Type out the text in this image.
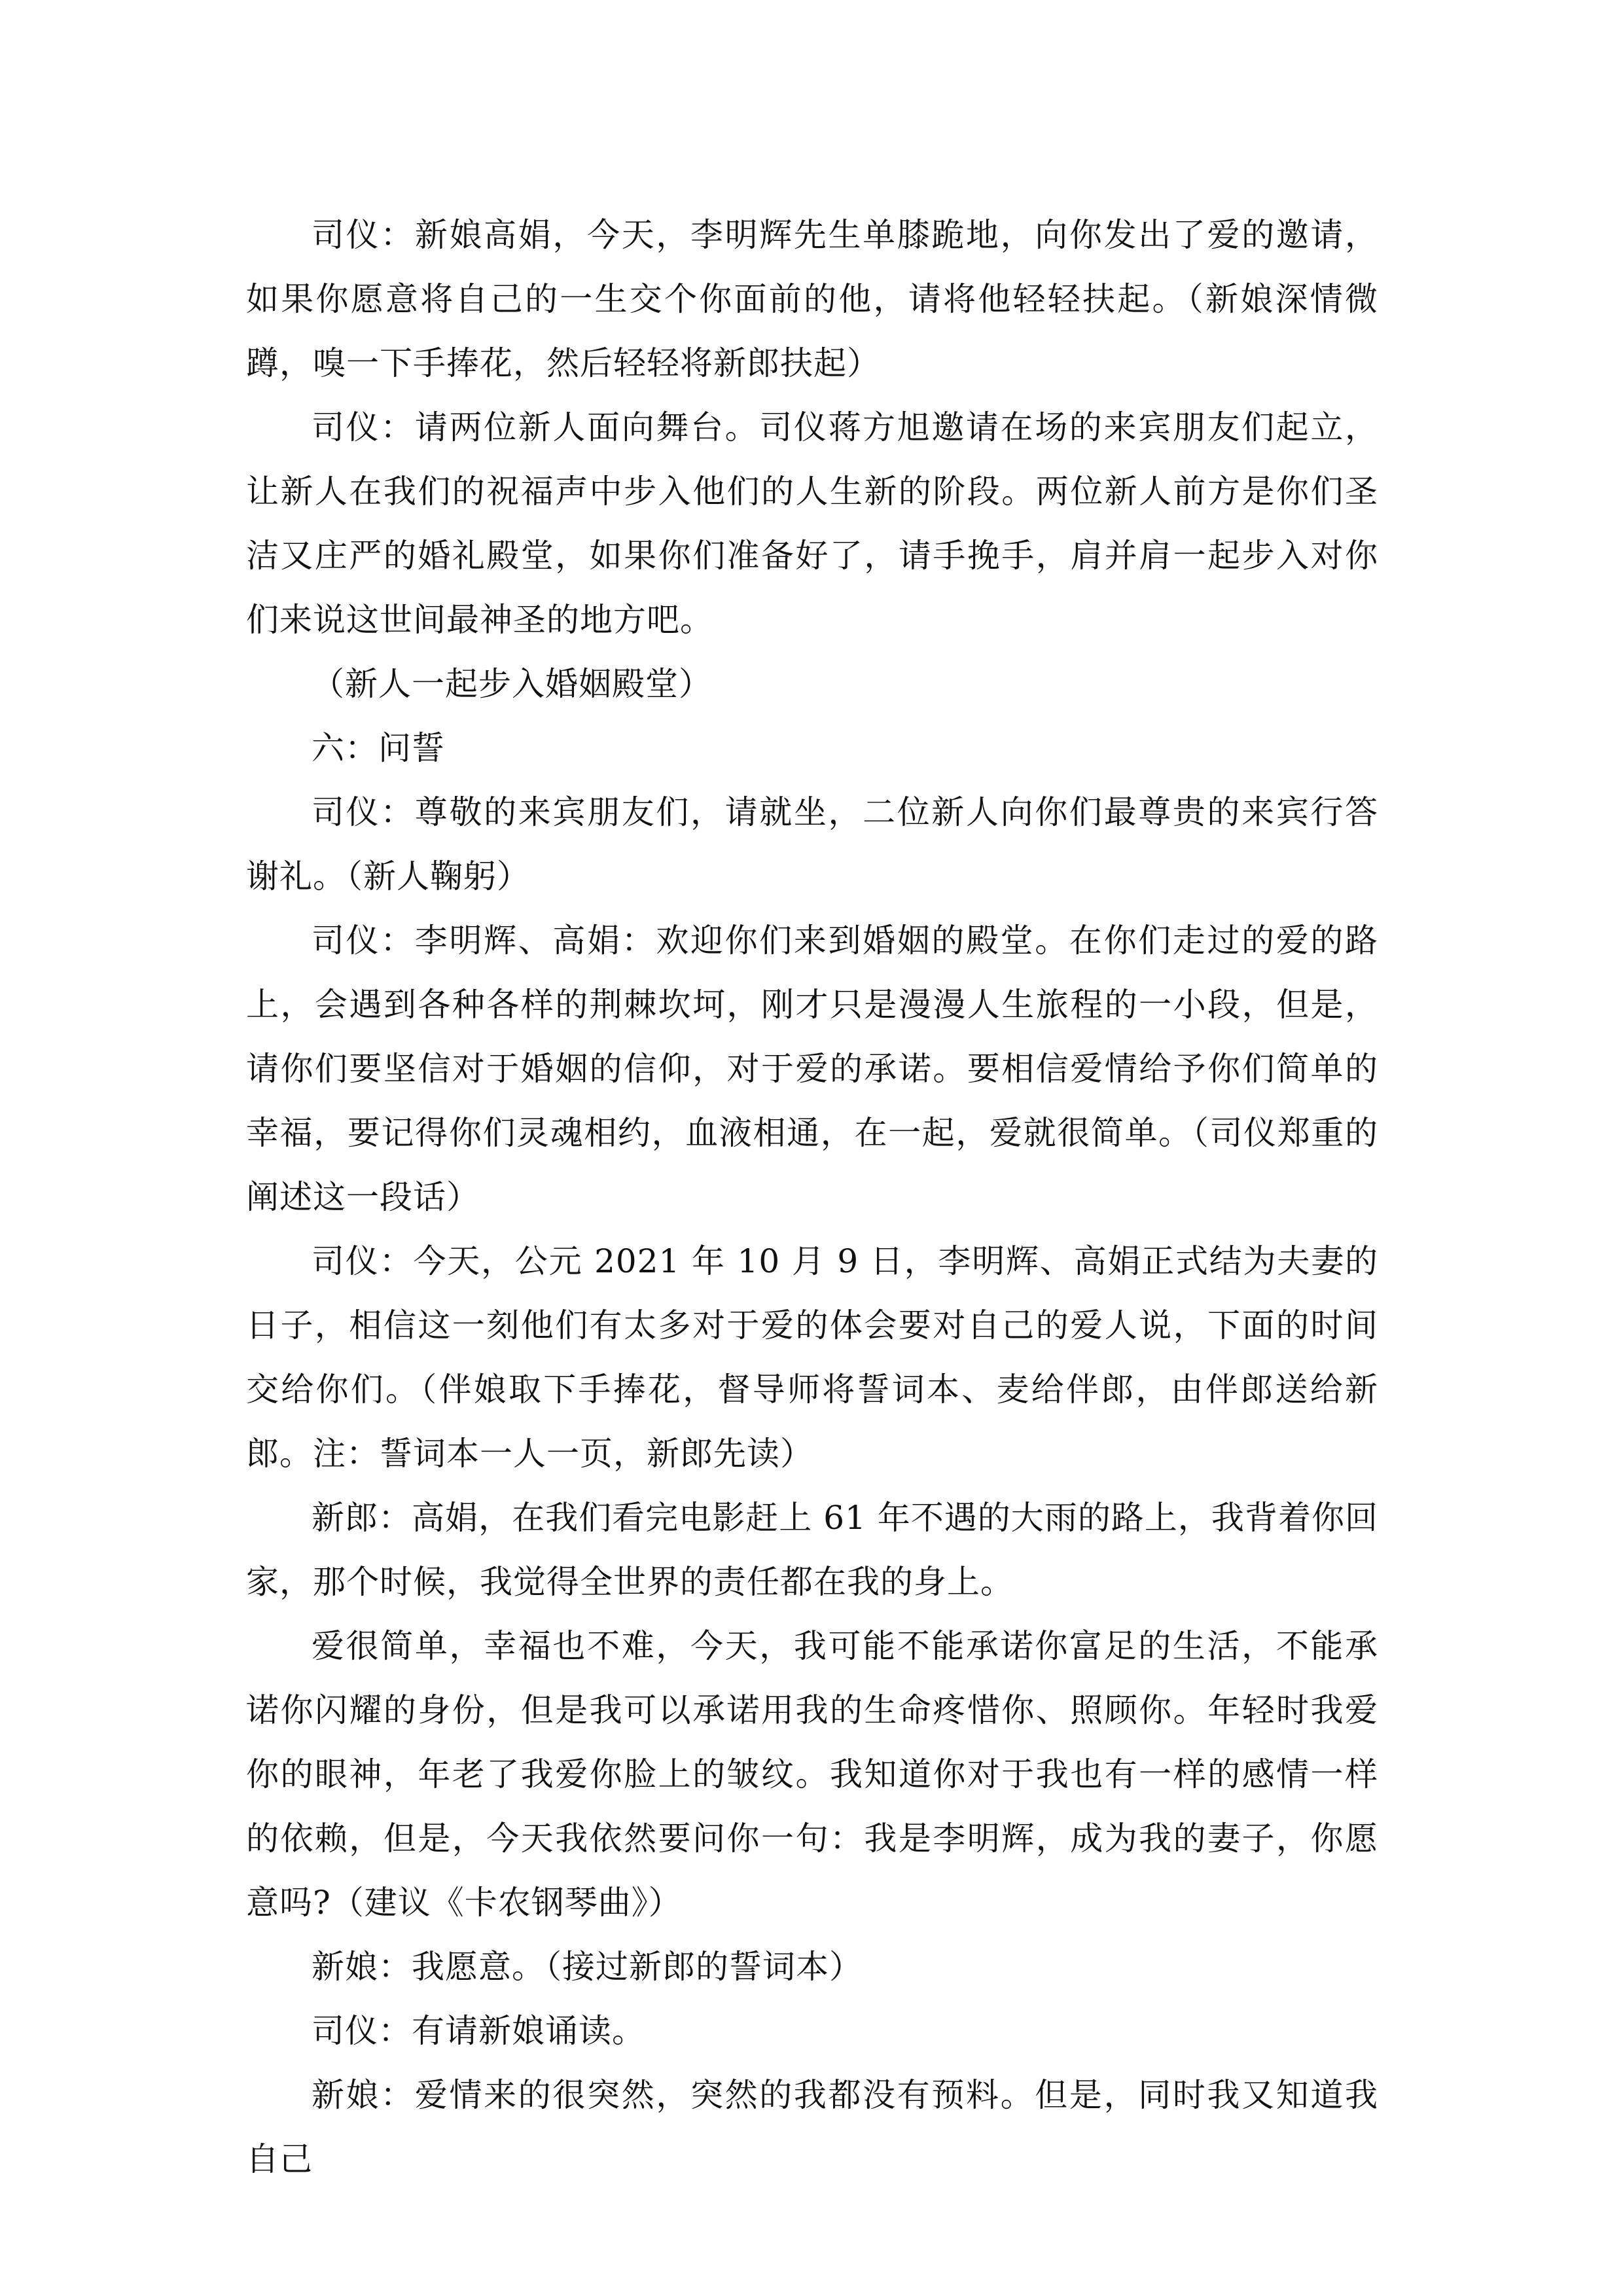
司仪：新娘高娟，今天，李明辉先生单膝跪地，向你发出了爱的邀请，如果你愿意将自己的一生交个你面前的他，请将他轻轻扶起。（新娘深情微蹲，嗅一下手捧花，然后轻轻将新郎扶起）

司仪：请两位新人面向舞台。司仪蒋方旭邀请在场的来宾朋友们起立，让新人在我们的祝福声中步入他们的人生新的阶段。两位新人前方是你们圣洁又庄严的婚礼殿堂，如果你们准备好了，请手挽手，肩并肩一起步入对你们来说这世间最神圣的地方吧。

（新人一起步入婚姻殿堂）

六：问誓

司仪：尊敬的来宾朋友们，请就坐，二位新人向你们最尊贵的来宾行答谢礼。（新人鞠躬）

司仪：李明辉、高娟：欢迎你们来到婚姻的殿堂。在你们走过的爱的路上，会遇到各种各样的荆棘坎坷，刚才只是漫漫人生旅程的一小段，但是，请你们要坚信对于婚姻的信仰，对于爱的承诺。要相信爱情给予你们简单的幸福，要记得你们灵魂相约，血液相通，在一起，爱就很简单。（司仪郑重的阐述这一段话）

司仪：今天，公元 2021 年 10 月 9 日，李明辉、高娟正式结为夫妻的日子，相信这一刻他们有太多对于爱的体会要对自己的爱人说，下面的时间交给你们。（伴娘取下手捧花，督导师将誓词本、麦给伴郎，由伴郎送给新郎。注：誓词本一人一页，新郎先读）

新郎：高娟，在我们看完电影赶上 61 年不遇的大雨的路上，我背着你回家，那个时候，我觉得全世界的责任都在我的身上。

爱很简单，幸福也不难，今天，我可能不能承诺你富足的生活，不能承诺你闪耀的身份，但是我可以承诺用我的生命疼惜你、照顾你。年轻时我爱你的眼神，年老了我爱你脸上的皱纹。我知道你对于我也有一样的感情一样的依赖，但是，今天我依然要问你一句：我是李明辉，成为我的妻子，你愿意吗?（建议《卡农钢琴曲》）

新娘：我愿意。（接过新郎的誓词本）

司仪：有请新娘诵读。

新娘：爱情来的很突然，突然的我都没有预料。但是，同时我又知道我自己
